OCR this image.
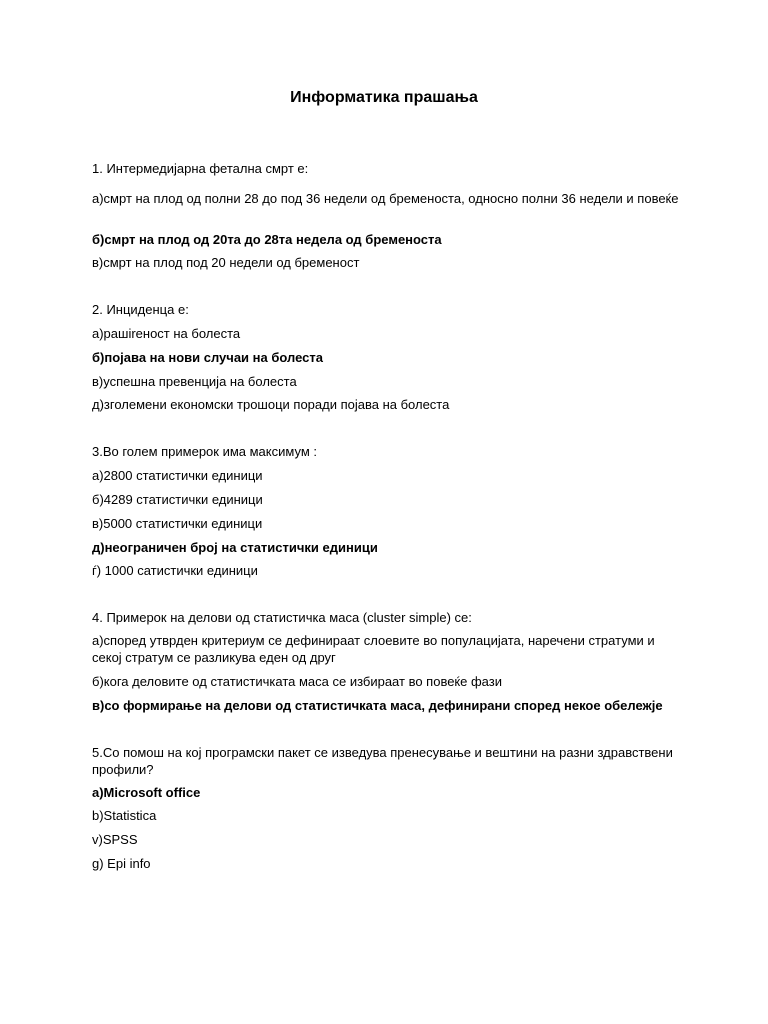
Информатика прашања
1. Интермедијарна фетална смрт е:
а)смрт на плод од полни 28 до под 36 недели од бременоста, односно полни 36 недели и повеќе
б)смрт на плод од 20та до 28та недела од бременоста
в)смрт на плод под 20 недели од бременост
2. Инциденца е:
а)рашireност на болеста
б)појава на нови случаи на болеста
в)успешна превенција на болеста
д)зголемени економски трошоци поради појава на болеста
3.Во голем примерок има максимум :
а)2800 статистички единици
б)4289 статистички единици
в)5000 статистички единици
д)неограничен број на статистички единици
ѓ) 1000 сатистички единици
4. Примерок на делови од статистичка маса (cluster simple) се:
а)според утврден критериум се дефинираат слоевите во популацијата, наречени стратуми и секој стратум се разликува еден од друг
б)кога деловите од статистичката маса се избираат во повеќе фази
в)со формирање на делови од статистичката маса, дефинирани според некое обележје
5.Со помош на кој програмски пакет се изведува пренесување и вештини на разни здравствени профили?
a)Microsoft office
b)Statistica
v)SPSS
g) Epi info
